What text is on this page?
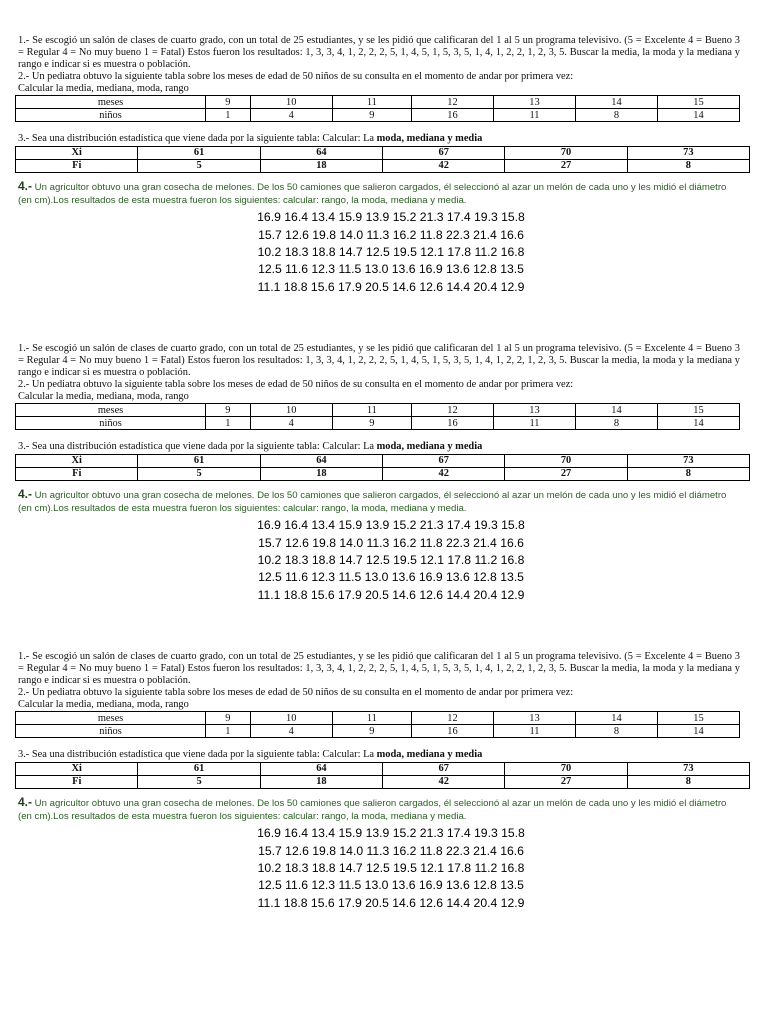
1.- Se escogió un salón de clases de cuarto grado, con un total de 25 estudiantes, y se les pidió que calificaran del 1 al 5 un programa televisivo. (5 = Excelente 4 = Bueno 3 = Regular 4 = No muy bueno 1 = Fatal) Estos fueron los resultados: 1, 3, 3, 4, 1, 2, 2, 2, 5, 1, 4, 5, 1, 5, 3, 5, 1, 4, 1, 2, 2, 1, 2, 3, 5. Buscar la media, la moda y la mediana y rango e indicar si es muestra o población.

2.- Un pediatra obtuvo la siguiente tabla sobre los meses de edad de 50 niños de su consulta en el momento de andar por primera vez:

Calcular la media, mediana, moda, rango

meses	9	10	11	12	13	14	15
niños	1	4	9	16	11	8	14

3.- Sea una distribución estadística que viene dada por la siguiente tabla: Calcular: La moda, mediana y media

Xi	61	64	67	70	73
Fi	5	18	42	27	8

4.- Un agricultor obtuvo una gran cosecha de melones. De los 50 camiones que salieron cargados, él seleccionó al azar un melón de cada uno y les midió el diámetro (en cm).Los resultados de esta muestra fueron los siguientes: calcular: rango, la moda, mediana y media.

16.9 16.4 13.4 15.9 13.9 15.2 21.3 17.4 19.3 15.8
15.7 12.6 19.8 14.0 11.3 16.2 11.8 22.3 21.4 16.6
10.2 18.3 18.8 14.7 12.5 19.5 12.1 17.8 11.2 16.8
12.5 11.6 12.3 11.5 13.0 13.6 16.9 13.6 12.8 13.5
11.1 18.8 15.6 17.9 20.5 14.6 12.6 14.4 20.4 12.9

1.- Se escogió un salón de clases de cuarto grado, con un total de 25 estudiantes, y se les pidió que calificaran del 1 al 5 un programa televisivo. (5 = Excelente 4 = Bueno 3 = Regular 4 = No muy bueno 1 = Fatal) Estos fueron los resultados: 1, 3, 3, 4, 1, 2, 2, 2, 5, 1, 4, 5, 1, 5, 3, 5, 1, 4, 1, 2, 2, 1, 2, 3, 5. Buscar la media, la moda y la mediana y rango e indicar si es muestra o población.

2.- Un pediatra obtuvo la siguiente tabla sobre los meses de edad de 50 niños de su consulta en el momento de andar por primera vez:

Calcular la media, mediana, moda, rango

meses	9	10	11	12	13	14	15
niños	1	4	9	16	11	8	14

3.- Sea una distribución estadística que viene dada por la siguiente tabla: Calcular: La moda, mediana y media

Xi	61	64	67	70	73
Fi	5	18	42	27	8

4.- Un agricultor obtuvo una gran cosecha de melones. De los 50 camiones que salieron cargados, él seleccionó al azar un melón de cada uno y les midió el diámetro (en cm).Los resultados de esta muestra fueron los siguientes: calcular: rango, la moda, mediana y media.

16.9 16.4 13.4 15.9 13.9 15.2 21.3 17.4 19.3 15.8
15.7 12.6 19.8 14.0 11.3 16.2 11.8 22.3 21.4 16.6
10.2 18.3 18.8 14.7 12.5 19.5 12.1 17.8 11.2 16.8
12.5 11.6 12.3 11.5 13.0 13.6 16.9 13.6 12.8 13.5
11.1 18.8 15.6 17.9 20.5 14.6 12.6 14.4 20.4 12.9

1.- Se escogió un salón de clases de cuarto grado, con un total de 25 estudiantes, y se les pidió que calificaran del 1 al 5 un programa televisivo. (5 = Excelente 4 = Bueno 3 = Regular 4 = No muy bueno 1 = Fatal) Estos fueron los resultados: 1, 3, 3, 4, 1, 2, 2, 2, 5, 1, 4, 5, 1, 5, 3, 5, 1, 4, 1, 2, 2, 1, 2, 3, 5. Buscar la media, la moda y la mediana y rango e indicar si es muestra o población.

2.- Un pediatra obtuvo la siguiente tabla sobre los meses de edad de 50 niños de su consulta en el momento de andar por primera vez:

Calcular la media, mediana, moda, rango

meses	9	10	11	12	13	14	15
niños	1	4	9	16	11	8	14

3.- Sea una distribución estadística que viene dada por la siguiente tabla: Calcular: La moda, mediana y media

Xi	61	64	67	70	73
Fi	5	18	42	27	8

4.- Un agricultor obtuvo una gran cosecha de melones. De los 50 camiones que salieron cargados, él seleccionó al azar un melón de cada uno y les midió el diámetro (en cm).Los resultados de esta muestra fueron los siguientes: calcular: rango, la moda, mediana y media.

16.9 16.4 13.4 15.9 13.9 15.2 21.3 17.4 19.3 15.8
15.7 12.6 19.8 14.0 11.3 16.2 11.8 22.3 21.4 16.6
10.2 18.3 18.8 14.7 12.5 19.5 12.1 17.8 11.2 16.8
12.5 11.6 12.3 11.5 13.0 13.6 16.9 13.6 12.8 13.5
11.1 18.8 15.6 17.9 20.5 14.6 12.6 14.4 20.4 12.9
